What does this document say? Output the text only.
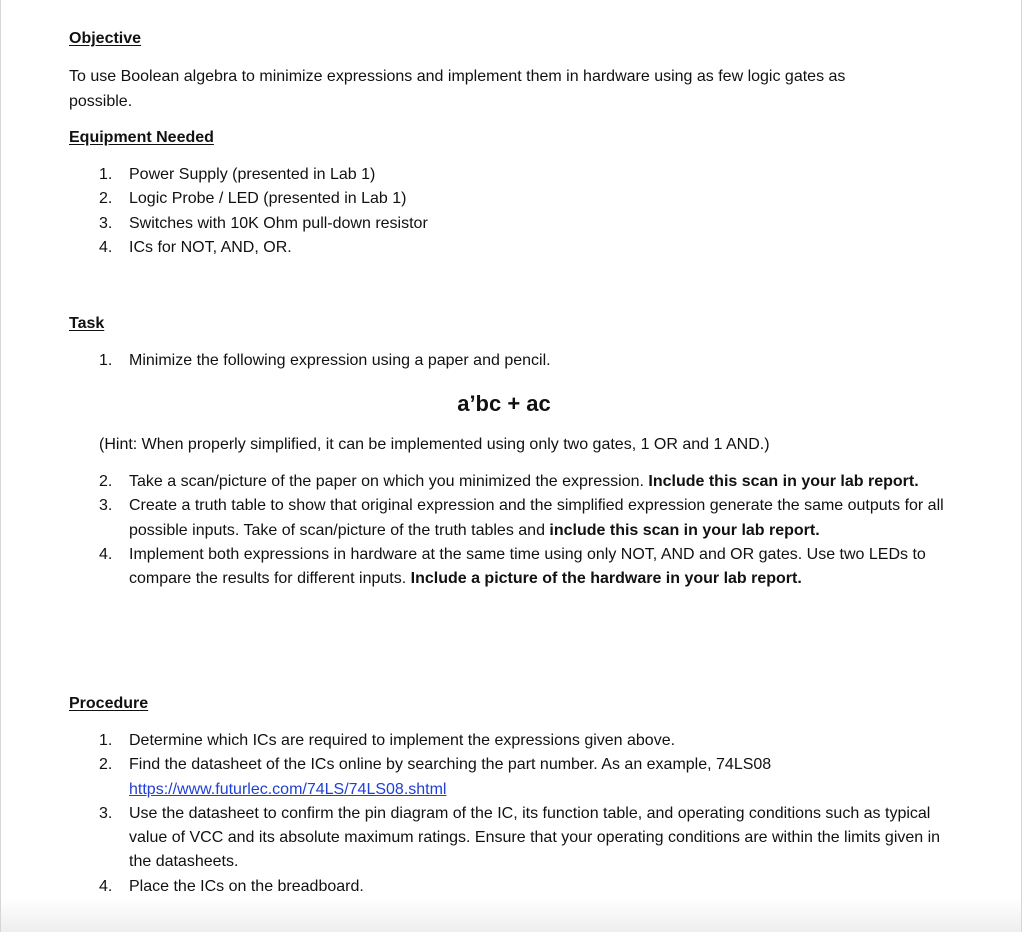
Objective

To use Boolean algebra to minimize expressions and implement them in hardware using as few logic gates as possible.

Equipment Needed
1. Power Supply (presented in Lab 1)
2. Logic Probe / LED (presented in Lab 1)
3. Switches with 10K Ohm pull-down resistor
4. ICs for NOT, AND, OR.
Task
1. Minimize the following expression using a paper and pencil.

a’bc + ac

(Hint: When properly simplified, it can be implemented using only two gates, 1 OR and 1 AND.)

2. Take a scan/picture of the paper on which you minimized the expression. Include this scan in your lab report.
3. Create a truth table to show that original expression and the simplified expression generate the same outputs for all possible inputs. Take of scan/picture of the truth tables and include this scan in your lab report.
4. Implement both expressions in hardware at the same time using only NOT, AND and OR gates. Use two LEDs to compare the results for different inputs. Include a picture of the hardware in your lab report.
Procedure
1. Determine which ICs are required to implement the expressions given above.
2. Find the datasheet of the ICs online by searching the part number. As an example, 74LS08
https://www.futurlec.com/74LS/74LS08.shtml
3. Use the datasheet to confirm the pin diagram of the IC, its function table, and operating conditions such as typical value of VCC and its absolute maximum ratings. Ensure that your operating conditions are within the limits given in the datasheets.
4. Place the ICs on the breadboard.
